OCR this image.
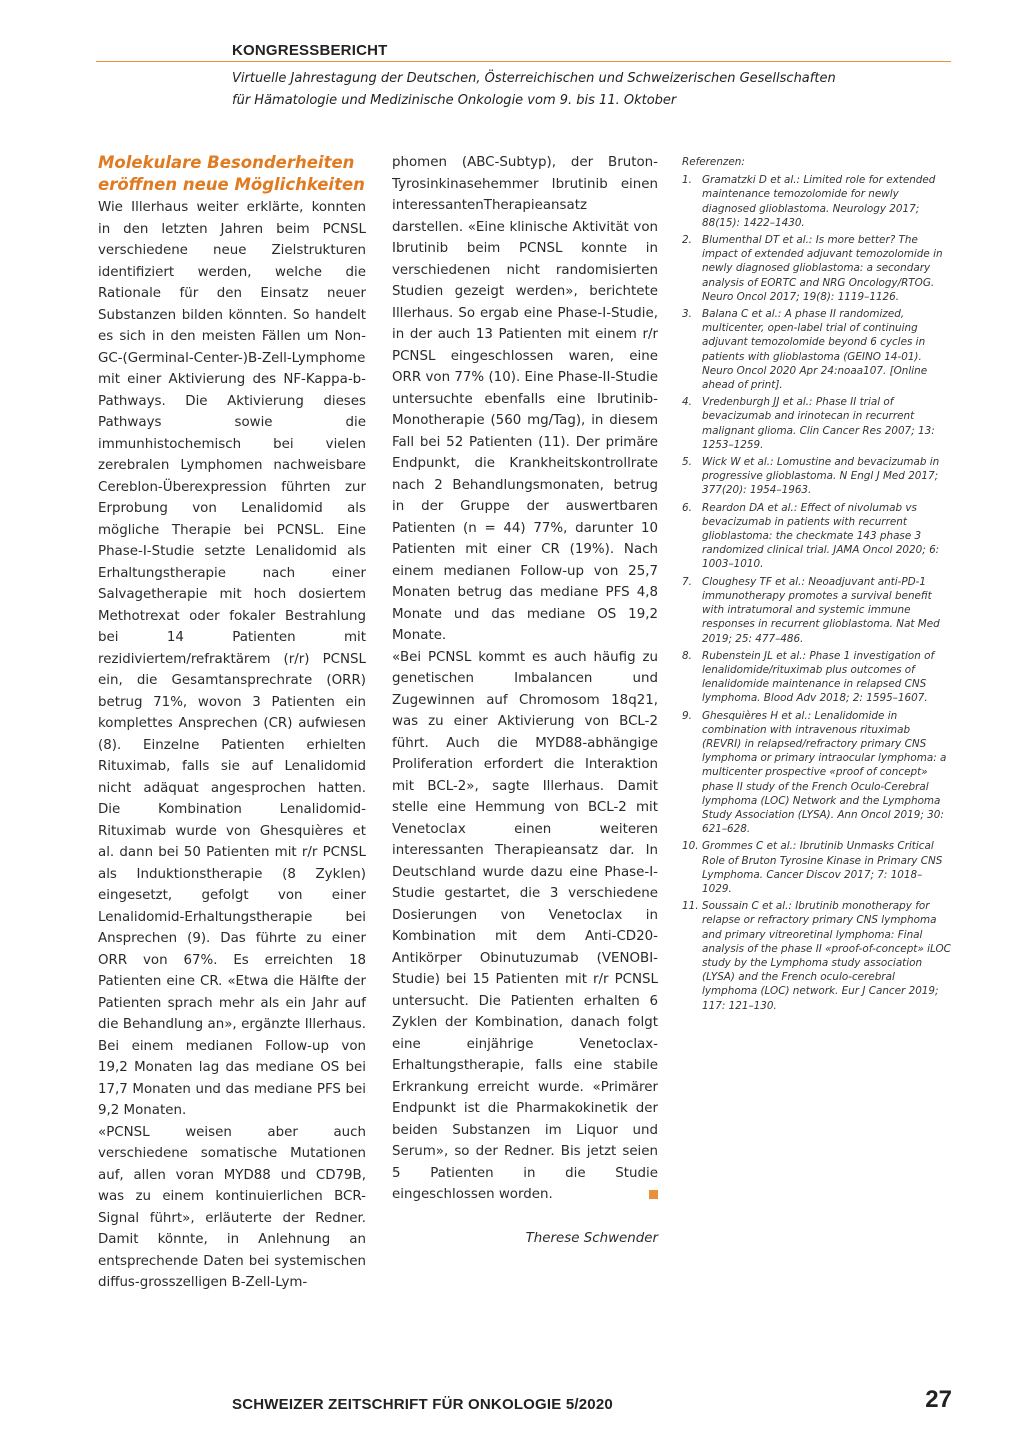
KONGRESSBERICHT
Virtuelle Jahrestagung der Deutschen, Österreichischen und Schweizerischen Gesellschaften
für Hämatologie und Medizinische Onkologie vom 9. bis 11. Oktober
Molekulare Besonderheiten eröffnen neue Möglichkeiten

Wie Illerhaus weiter erklärte, konnten in den letzten Jahren beim PCNSL verschiedene neue Zielstrukturen identifiziert werden, welche die Rationale für den Einsatz neuer Substanzen bilden könnten. So handelt es sich in den meisten Fällen um Non-GC-(Germinal-Center-)B-Zell-Lymphome mit einer Aktivierung des NF-Kappa-b-Pathways. Die Aktivierung dieses Pathways sowie die immunhistochemisch bei vielen zerebralen Lymphomen nachweisbare Cereblon-Überexpression führten zur Erprobung von Lenalidomid als mögliche Therapie bei PCNSL. Eine Phase-I-Studie setzte Lenalidomid als Erhaltungstherapie nach einer Salvagetherapie mit hoch dosiertem Methotrexat oder fokaler Bestrahlung bei 14 Patienten mit rezidiviertem/refraktärem (r/r) PCNSL ein, die Gesamtansprechrate (ORR) betrug 71%, wovon 3 Patienten ein komplettes Ansprechen (CR) aufwiesen (8). Einzelne Patienten erhielten Rituximab, falls sie auf Lenalidomid nicht adäquat angesprochen hatten. Die Kombination Lenalidomid-Rituximab wurde von Ghesquières et al. dann bei 50 Patienten mit r/r PCNSL als Induktionstherapie (8 Zyklen) eingesetzt, gefolgt von einer Lenalidomid-Erhaltungstherapie bei Ansprechen (9). Das führte zu einer ORR von 67%. Es erreichten 18 Patienten eine CR. «Etwa die Hälfte der Patienten sprach mehr als ein Jahr auf die Behandlung an», ergänzte Illerhaus. Bei einem medianen Follow-up von 19,2 Monaten lag das mediane OS bei 17,7 Monaten und das mediane PFS bei 9,2 Monaten.

«PCNSL weisen aber auch verschiedene somatische Mutationen auf, allen voran MYD88 und CD79B, was zu einem kontinuierlichen BCR-Signal führt», erläuterte der Redner. Damit könnte, in Anlehnung an entsprechende Daten bei systemischen diffus-grosszelligen B-Zell-Lym-

phomen (ABC-Subtyp), der Bruton-Tyrosinkinasehemmer Ibrutinib einen interessantenTherapieansatz darstellen. «Eine klinische Aktivität von Ibrutinib beim PCNSL konnte in verschiedenen nicht randomisierten Studien gezeigt werden», berichtete Illerhaus. So ergab eine Phase-I-Studie, in der auch 13 Patienten mit einem r/r PCNSL eingeschlossen waren, eine ORR von 77% (10). Eine Phase-II-Studie untersuchte ebenfalls eine Ibrutinib-Monotherapie (560 mg/Tag), in diesem Fall bei 52 Patienten (11). Der primäre Endpunkt, die Krankheitskontrollrate nach 2 Behandlungsmonaten, betrug in der Gruppe der auswertbaren Patienten (n = 44) 77%, darunter 10 Patienten mit einer CR (19%). Nach einem medianen Follow-up von 25,7 Monaten betrug das mediane PFS 4,8 Monate und das mediane OS 19,2 Monate.

«Bei PCNSL kommt es auch häufig zu genetischen Imbalancen und Zugewinnen auf Chromosom 18q21, was zu einer Aktivierung von BCL-2 führt. Auch die MYD88-abhängige Proliferation erfordert die Interaktion mit BCL-2», sagte Illerhaus. Damit stelle eine Hemmung von BCL-2 mit Venetoclax einen weiteren interessanten Therapieansatz dar. In Deutschland wurde dazu eine Phase-I-Studie gestartet, die 3 verschiedene Dosierungen von Venetoclax in Kombination mit dem Anti-CD20-Antikörper Obinutuzumab (VENOBI-Studie) bei 15 Patienten mit r/r PCNSL untersucht. Die Patienten erhalten 6 Zyklen der Kombination, danach folgt eine einjährige Venetoclax-Erhaltungstherapie, falls eine stabile Erkrankung erreicht wurde. «Primärer Endpunkt ist die Pharmakokinetik der beiden Substanzen im Liquor und Serum», so der Redner. Bis jetzt seien 5 Patienten in die Studie eingeschlossen worden.

Therese Schwender
Referenzen:
1. Gramatzki D et al.: Limited role for extended maintenance temozolomide for newly diagnosed glioblastoma. Neurology 2017; 88(15): 1422–1430.
2. Blumenthal DT et al.: Is more better? The impact of extended adjuvant temozolomide in newly diagnosed glioblastoma: a secondary analysis of EORTC and NRG Oncology/RTOG. Neuro Oncol 2017; 19(8): 1119–1126.
3. Balana C et al.: A phase II randomized, multicenter, open-label trial of continuing adjuvant temozolomide beyond 6 cycles in patients with glioblastoma (GEINO 14-01). Neuro Oncol 2020 Apr 24:noaa107. [Online ahead of print].
4. Vredenburgh JJ et al.: Phase II trial of bevacizumab and irinotecan in recurrent malignant glioma. Clin Cancer Res 2007; 13: 1253–1259.
5. Wick W et al.: Lomustine and bevacizumab in progressive glioblastoma. N Engl J Med 2017; 377(20): 1954–1963.
6. Reardon DA et al.: Effect of nivolumab vs bevacizumab in patients with recurrent glioblastoma: the checkmate 143 phase 3 randomized clinical trial. JAMA Oncol 2020; 6: 1003–1010.
7. Cloughesy TF et al.: Neoadjuvant anti-PD-1 immunotherapy promotes a survival benefit with intratumoral and systemic immune responses in recurrent glioblastoma. Nat Med 2019; 25: 477–486.
8. Rubenstein JL et al.: Phase 1 investigation of lenalidomide/rituximab plus outcomes of lenalidomide maintenance in relapsed CNS lymphoma. Blood Adv 2018; 2: 1595–1607.
9. Ghesquières H et al.: Lenalidomide in combination with intravenous rituximab (REVRI) in relapsed/refractory primary CNS lymphoma or primary intraocular lymphoma: a multicenter prospective «proof of concept» phase II study of the French Oculo-Cerebral lymphoma (LOC) Network and the Lymphoma Study Association (LYSA). Ann Oncol 2019; 30: 621–628.
10. Grommes C et al.: Ibrutinib Unmasks Critical Role of Bruton Tyrosine Kinase in Primary CNS Lymphoma. Cancer Discov 2017; 7: 1018–1029.
11. Soussain C et al.: Ibrutinib monotherapy for relapse or refractory primary CNS lymphoma and primary vitreoretinal lymphoma: Final analysis of the phase II «proof-of-concept» iLOC study by the Lymphoma study association (LYSA) and the French oculo-cerebral lymphoma (LOC) network. Eur J Cancer 2019; 117: 121–130.
SCHWEIZER ZEITSCHRIFT FÜR ONKOLOGIE 5/2020	27
